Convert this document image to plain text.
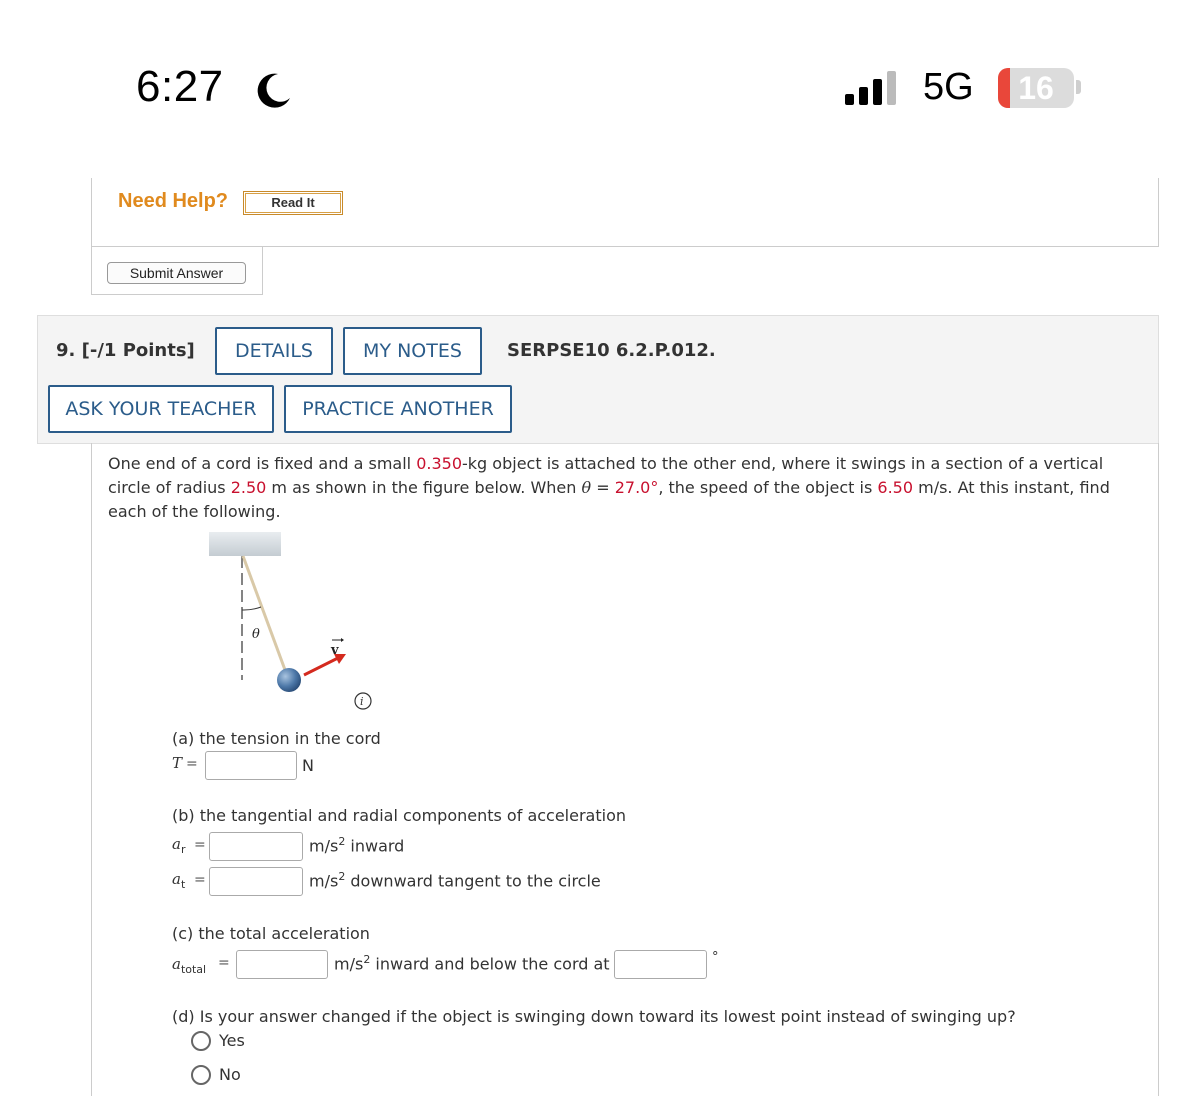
6:27	5G	16
Need Help?	Read It
Submit Answer
9. [-/1 Points]	DETAILS	MY NOTES	SERPSE10 6.2.P.012.
ASK YOUR TEACHER	PRACTICE ANOTHER
One end of a cord is fixed and a small 0.350-kg object is attached to the other end, where it swings in a section of a vertical circle of radius 2.50 m as shown in the figure below. When θ = 27.0°, the speed of the object is 6.50 m/s. At this instant, find each of the following.
θ
v
i
(a) the tension in the cord
T =	N
(b) the tangential and radial components of acceleration
$a_r$ =	$m/s^2$ inward
$a_t$ =	$m/s^2$ downward tangent to the circle
(c) the total acceleration
$a_{total}$ =	$m/s^2$ inward and below the cord at	°
(d) Is your answer changed if the object is swinging down toward its lowest point instead of swinging up?
Yes
No
